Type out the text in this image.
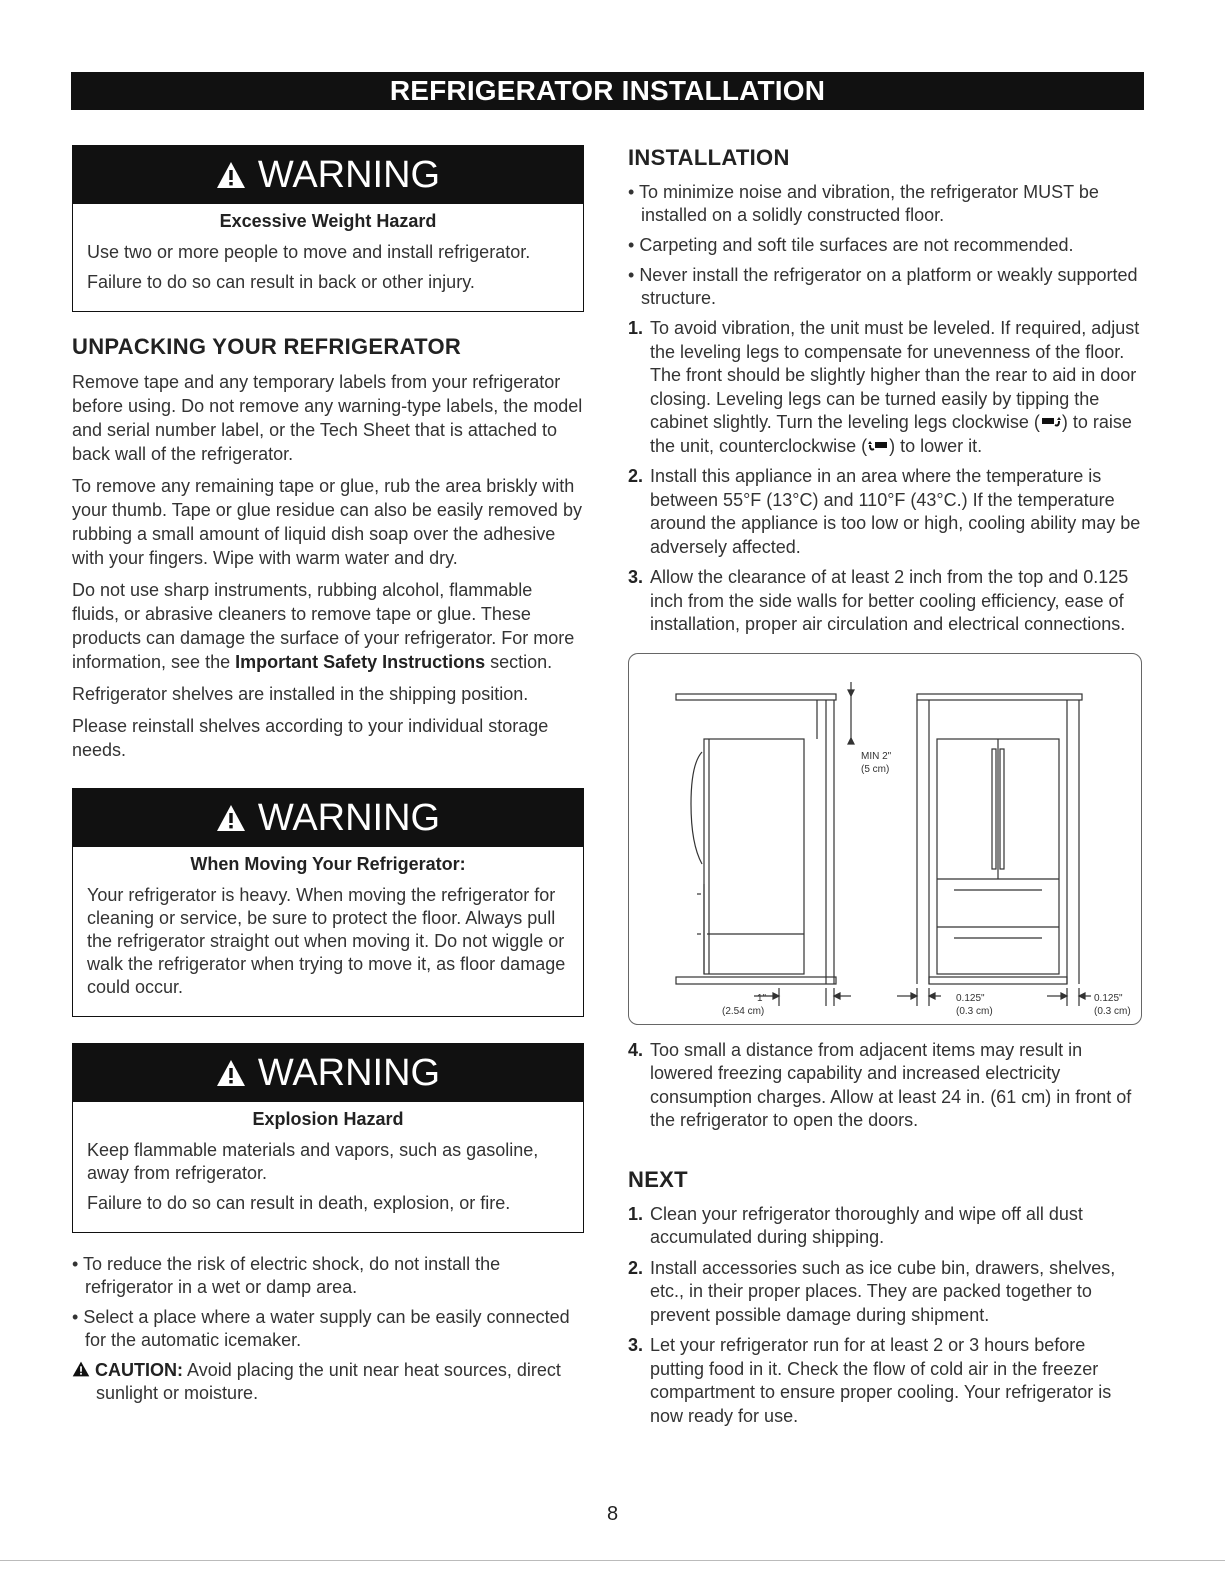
REFRIGERATOR INSTALLATION
WARNING
Excessive Weight Hazard

Use two or more people to move and install refrigerator.

Failure to do so can result in back or other injury.

UNPACKING YOUR REFRIGERATOR

Remove tape and any temporary labels from your refrigerator before using. Do not remove any warning-type labels, the model and serial number label, or the Tech Sheet that is attached to back wall of the refrigerator.

To remove any remaining tape or glue, rub the area briskly with your thumb. Tape or glue residue can also be easily removed by rubbing a small amount of liquid dish soap over the adhesive with your fingers. Wipe with warm water and dry.

Do not use sharp instruments, rubbing alcohol, flammable fluids, or abrasive cleaners to remove tape or glue. These products can damage the surface of your refrigerator. For more information, see the Important Safety Instructions section.

Refrigerator shelves are installed in the shipping position.

Please reinstall shelves according to your individual storage needs.

WARNING
When Moving Your Refrigerator:

Your refrigerator is heavy. When moving the refrigerator for cleaning or service, be sure to protect the floor. Always pull the refrigerator straight out when moving it. Do not wiggle or walk the refrigerator when trying to move it, as floor damage could occur.

WARNING
Explosion Hazard

Keep flammable materials and vapors, such as gasoline, away from refrigerator.

Failure to do so can result in death, explosion, or fire.

• To reduce the risk of electric shock, do not install the refrigerator in a wet or damp area.
• Select a place where a water supply can be easily connected for the automatic icemaker.
CAUTION: Avoid placing the unit near heat sources, direct sunlight or moisture.
INSTALLATION
• To minimize noise and vibration, the refrigerator MUST be installed on a solidly constructed floor.
• Carpeting and soft tile surfaces are not recommended.
• Never install the refrigerator on a platform or weakly supported structure.
1. To avoid vibration, the unit must be leveled. If required, adjust the leveling legs to compensate for unevenness of the floor. The front should be slightly higher than the rear to aid in door closing. Leveling legs can be turned easily by tipping the cabinet slightly. Turn the leveling legs clockwise ( ) to raise the unit, counterclockwise ( ) to lower it.
2. Install this appliance in an area where the temperature is between 55°F (13°C) and 110°F (43°C.) If the temperature around the appliance is too low or high, cooling ability may be adversely affected.
3. Allow the clearance of at least 2 inch from the top and 0.125 inch from the side walls for better cooling efficiency, ease of installation, proper air circulation and electrical connections.
MIN 2"
(5 cm)
1"
(2.54 cm)
0.125"
(0.3 cm)
0.125"
(0.3 cm)
4. Too small a distance from adjacent items may result in lowered freezing capability and increased electricity consumption charges. Allow at least 24 in. (61 cm) in front of the refrigerator to open the doors.
NEXT
1. Clean your refrigerator thoroughly and wipe off all dust accumulated during shipping.
2. Install accessories such as ice cube bin, drawers, shelves, etc., in their proper places. They are packed together to prevent possible damage during shipment.
3. Let your refrigerator run for at least 2 or 3 hours before putting food in it. Check the flow of cold air in the freezer compartment to ensure proper cooling. Your refrigerator is now ready for use.
8
